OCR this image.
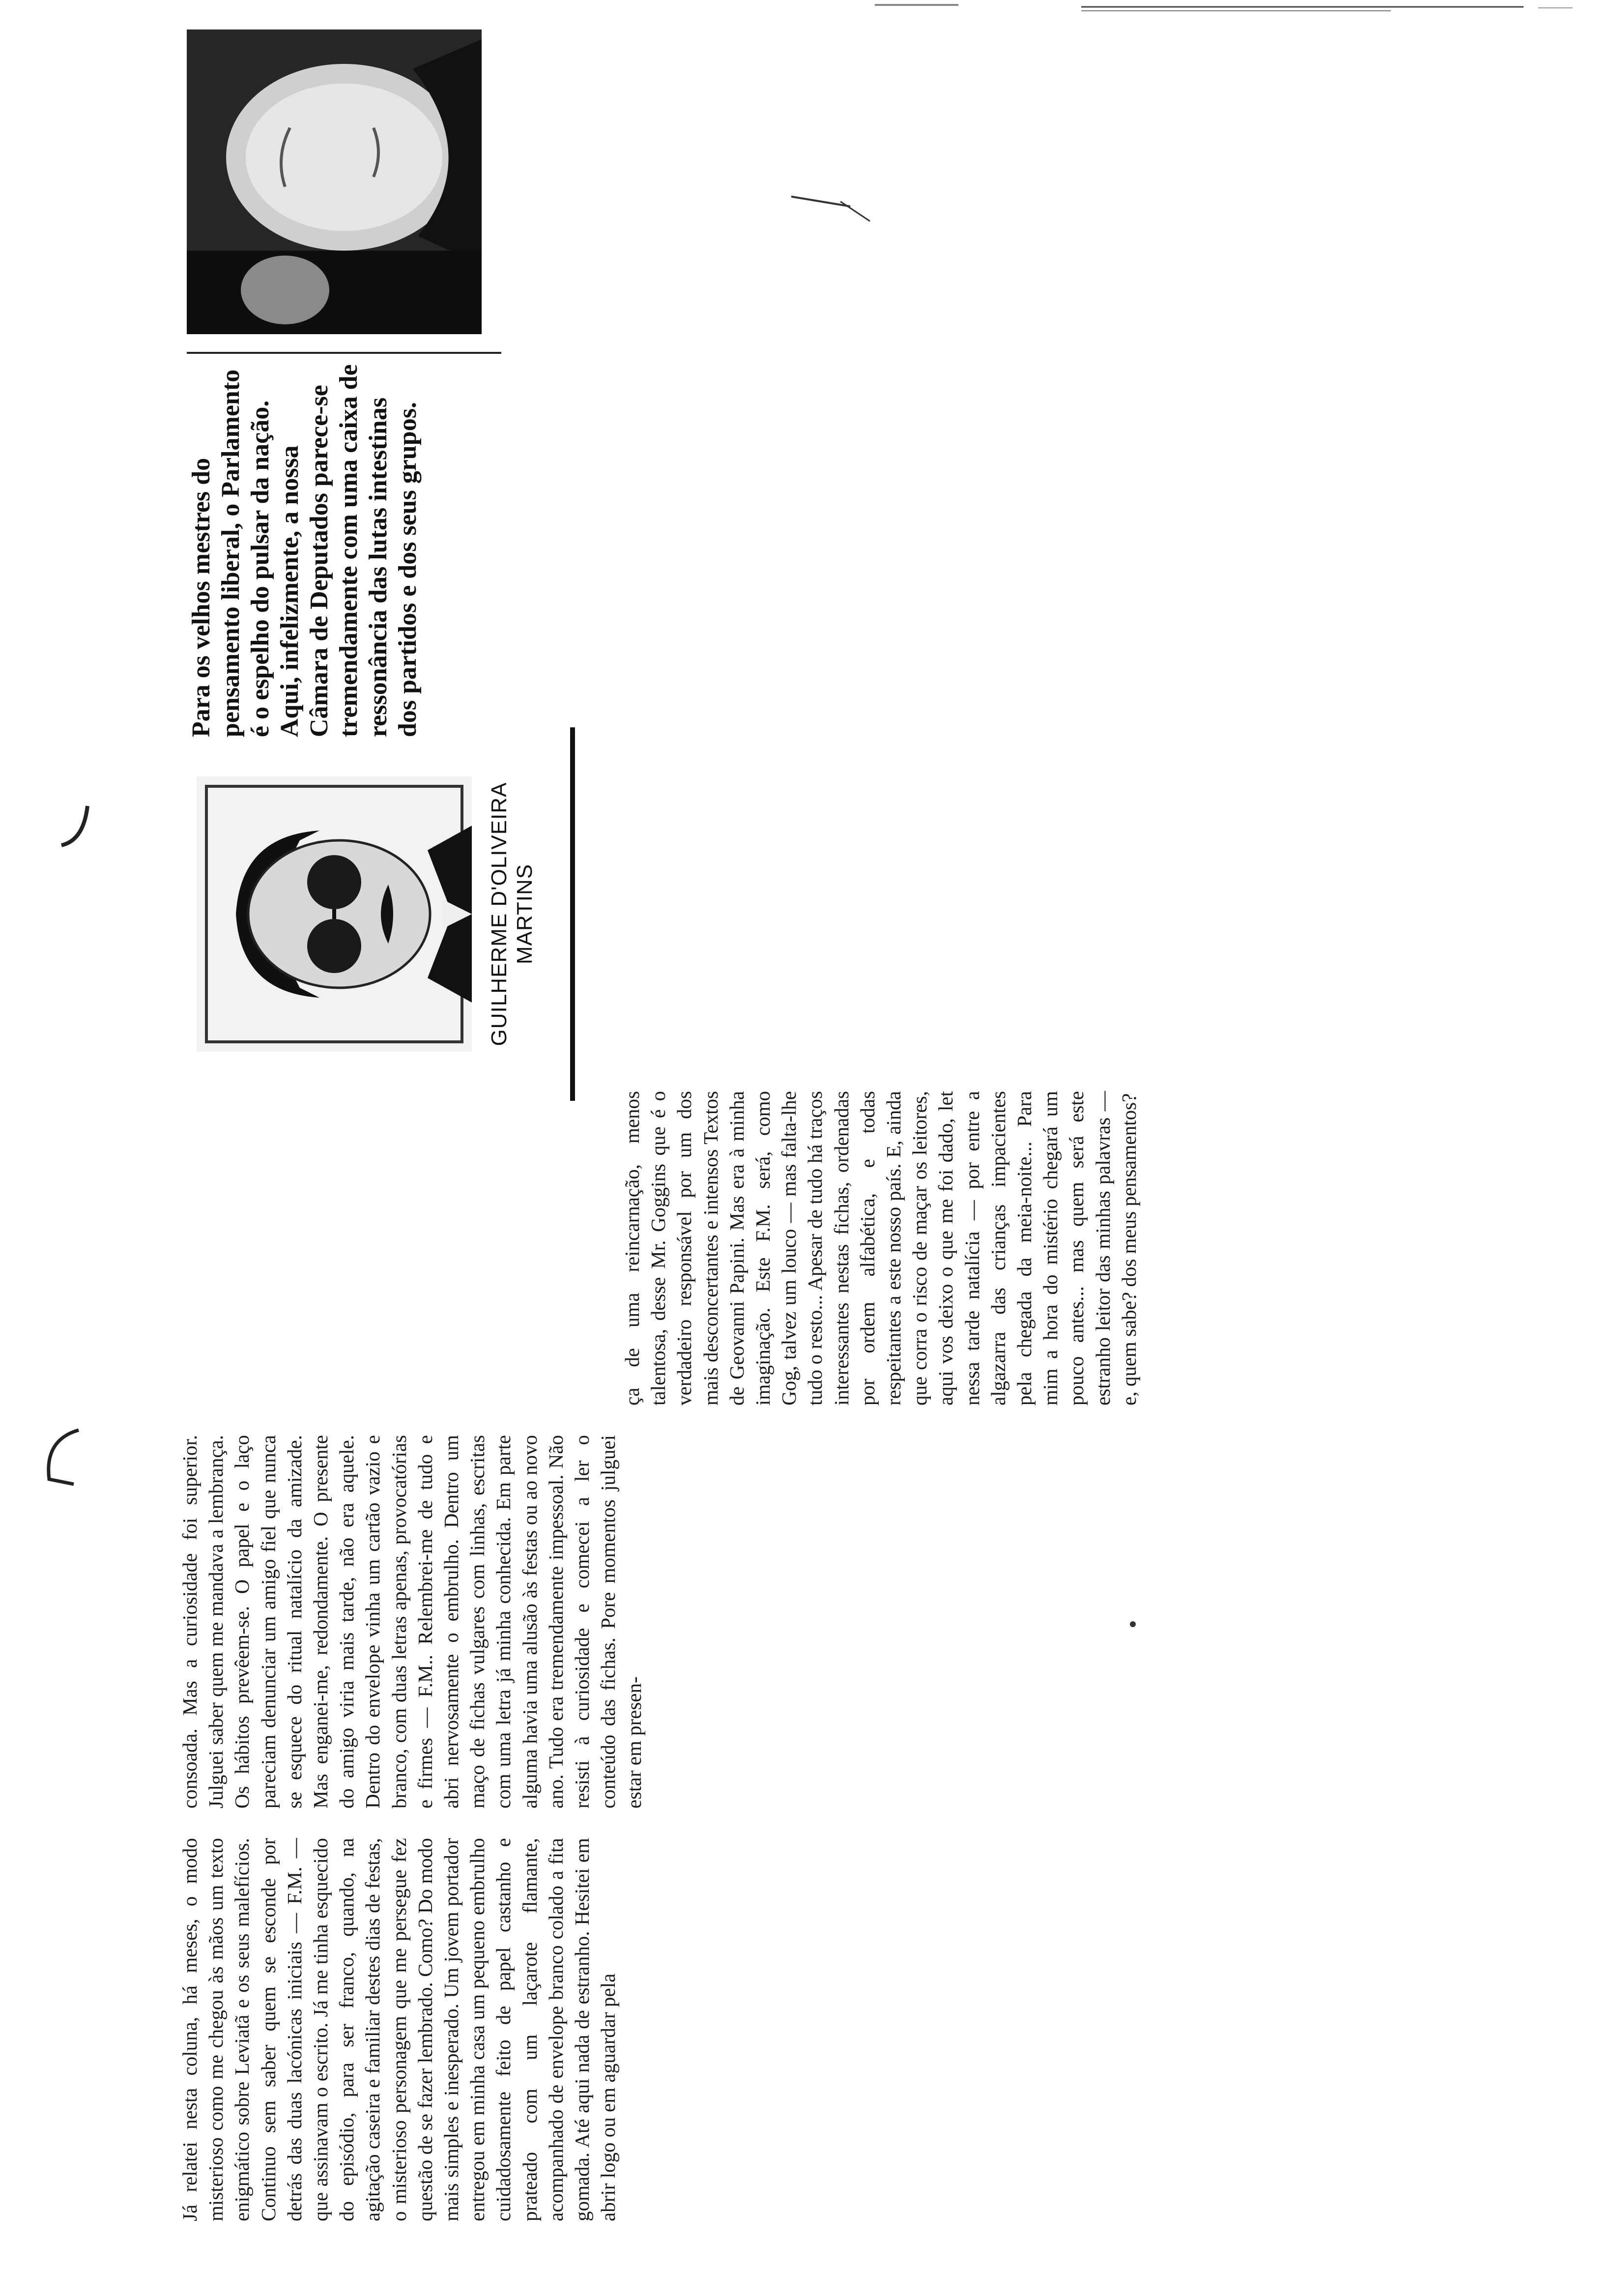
Já relatei nesta coluna, há meses, o modo misterioso como me chegou às mãos um texto enigmático sobre Leviatã e os seus malefícios. Continuo sem saber quem se esconde por detrás das duas lacónicas iniciais — F.M. — que assinavam o escrito. Já me tinha esquecido do episódio, para ser franco, quando, na agitação caseira e familiar destes dias de festas, o misterioso personagem que me persegue fez questão de se fazer lembrado. Como? Do modo mais simples e inesperado. Um jovem portador entregou em minha casa um pequeno embrulho cuidadosamente feito de papel castanho e prateado com um laçarote flamante, acompanhado de envelope branco colado a fita gomada. Até aqui nada de estranho. Hesitei em abrir logo ou em aguardar pela
consoada. Mas a curiosidade foi superior. Julguei saber quem me mandava a lembrança. Os hábitos prevêem-se. O papel e o laço pareciam denunciar um amigo fiel que nunca se esquece do ritual natalício da amizade. Mas enganei-me, redondamente. O presente do amigo viria mais tarde, não era aquele. Dentro do envelope vinha um cartão vazio e branco, com duas letras apenas, provocatórias e firmes — F.M.. Relembrei-me de tudo e abri nervosamente o embrulho. Dentro um maço de fichas vulgares com linhas, escritas com uma letra já minha conhecida. Em parte alguma havia uma alusão às festas ou ao novo ano. Tudo era tremendamente impessoal. Não resisti à curiosidade e comecei a ler o conteúdo das fichas. Pore momentos julguei estar em presen-
ça de uma reincarnação, menos talentosa, desse Mr. Goggins que é o verdadeiro responsável por um dos mais desconcertantes e intensos Textos de Geovanni Papini. Mas era à minha imaginação. Este F.M. será, como Gog, talvez um louco — mas falta-lhe tudo o resto... Apesar de tudo há traços interessantes nestas fichas, ordenadas por ordem alfabética, e todas respeitantes a este nosso país. E, ainda que corra o risco de maçar os leitores, aqui vos deixo o que me foi dado, let nessa tarde natalícia — por entre a algazarra das crianças impacientes pela chegada da meia-noite... Para mim a hora do mistério chegará um pouco antes... mas quem será este estranho leitor das minhas palavras — e, quem sabe? dos meus pensamentos?
GUILHERME D'OLIVEIRA MARTINS
Para os velhos mestres do pensamento liberal, o Parlamento é o espelho do pulsar da nação. Aqui, infelizmente, a nossa Câmara de Deputados parece-se tremendamente com uma caixa de ressonância das lutas intestinas dos partidos e dos seus grupos.
